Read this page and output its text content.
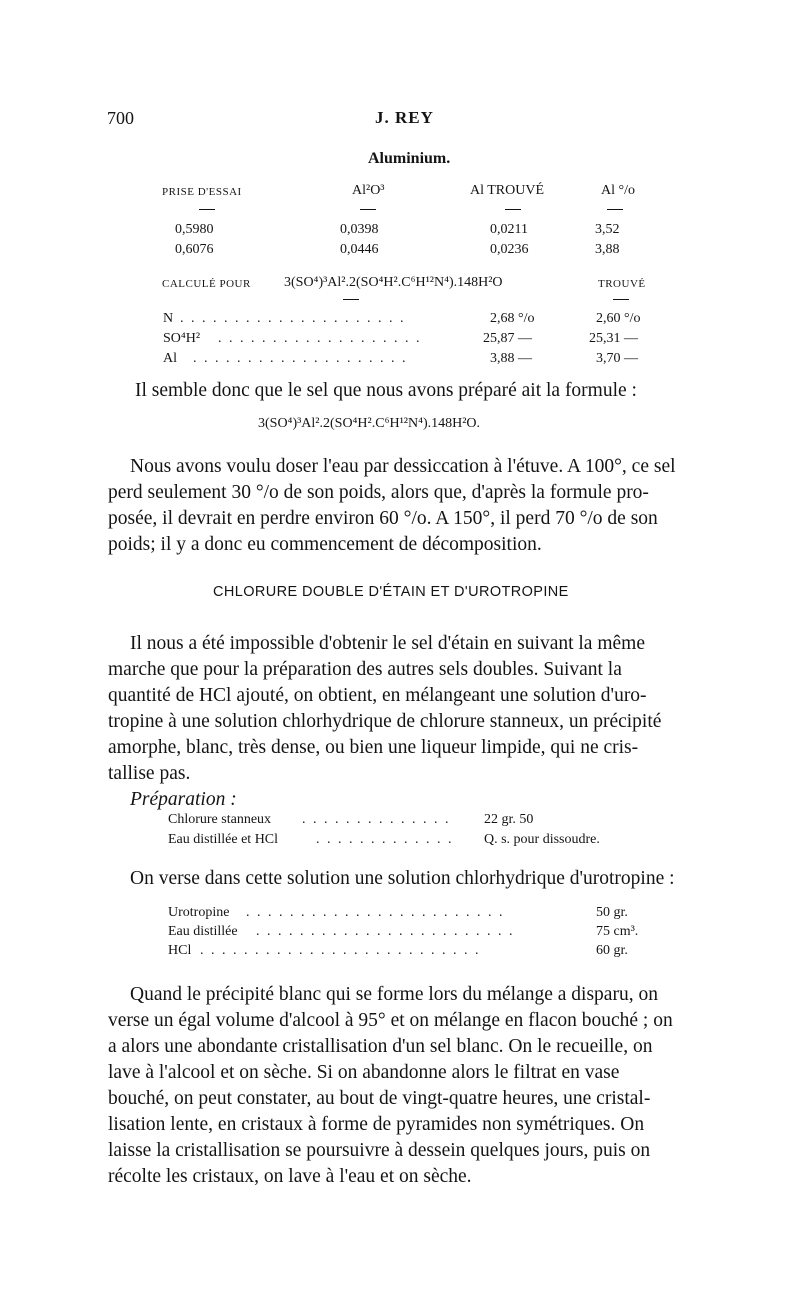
700	J. REY
Aluminium.
PRISE D'ESSAI	Al²O³	Al TROUVÉ	Al °/o
0,5980	0,0398	0,0211	3,52
0,6076	0,0446	0,0236	3,88
CALCULÉ POUR 3(SO⁴)³Al².2(SO⁴H².C⁶H¹²N⁴).148H²O	TROUVÉ
N . . . . . . . . . . . . . . . . . . . . .	2,68 °/o	2,60 °/o
SO⁴H² . . . . . . . . . . . . . . . . . . .	25,87 —	25,31 —
Al . . . . . . . . . . . . . . . . . . . .	3,88 —	3,70 —
Il semble donc que le sel que nous avons préparé ait la formule :
3(SO⁴)³Al².2(SO⁴H².C⁶H¹²N⁴).148H²O.
Nous avons voulu doser l'eau par dessiccation à l'étuve. A 100°, ce sel
perd seulement 30 °/o de son poids, alors que, d'après la formule pro-
posée, il devrait en perdre environ 60 °/o. A 150°, il perd 70 °/o de son
poids; il y a donc eu commencement de décomposition.
CHLORURE DOUBLE D'ÉTAIN ET D'UROTROPINE
Il nous a été impossible d'obtenir le sel d'étain en suivant la même
marche que pour la préparation des autres sels doubles. Suivant la
quantité de HCl ajouté, on obtient, en mélangeant une solution d'uro-
tropine à une solution chlorhydrique de chlorure stanneux, un précipité
amorphe, blanc, très dense, ou bien une liqueur limpide, qui ne cris-
tallise pas.
Préparation :
Chlorure stanneux . . . . . . . . . . . . . . 22 gr. 50
Eau distillée et HCl	. . . . . . . . . . . . . Q. s. pour dissoudre.
On verse dans cette solution une solution chlorhydrique d'urotropine :
Urotropine . . . . . . . . . . . . . . . . . . . . . . . .	50 gr.
Eau distillée . . . . . . . . . . . . . . . . . . . . . . . .	75 cm³.
HCl . . . . . . . . . . . . . . . . . . . . . . . . . .	60 gr.
Quand le précipité blanc qui se forme lors du mélange a disparu, on
verse un égal volume d'alcool à 95° et on mélange en flacon bouché ; on
a alors une abondante cristallisation d'un sel blanc. On le recueille, on
lave à l'alcool et on sèche. Si on abandonne alors le filtrat en vase
bouché, on peut constater, au bout de vingt-quatre heures, une cristal-
lisation lente, en cristaux à forme de pyramides non symétriques. On
laisse la cristallisation se poursuivre à dessein quelques jours, puis on
récolte les cristaux, on lave à l'eau et on sèche.
